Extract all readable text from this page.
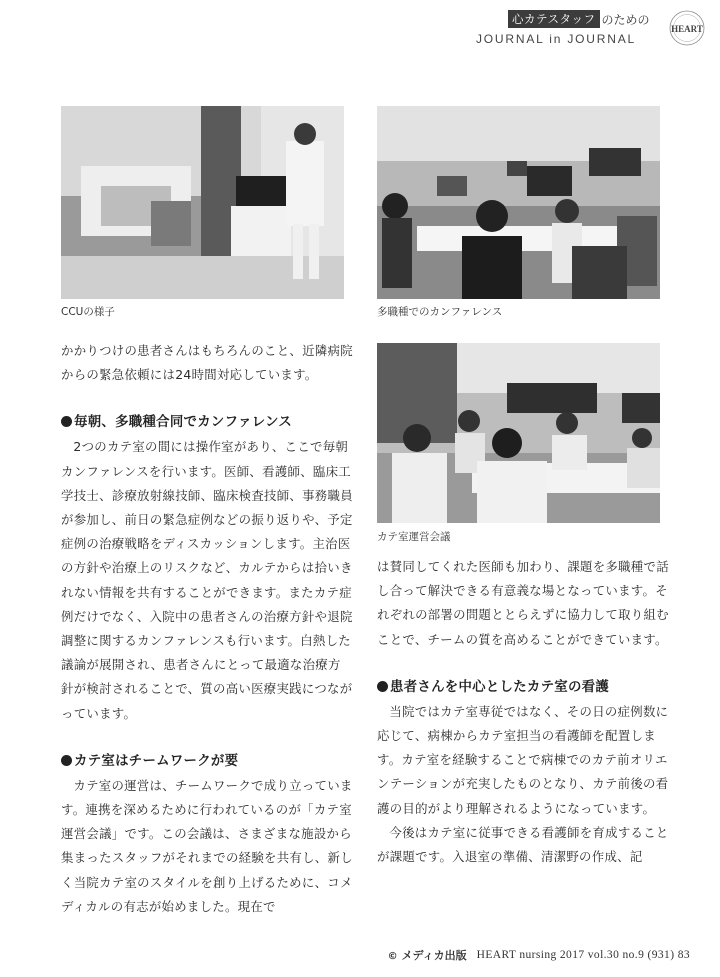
心カテスタッフ のための
JOURNAL in JOURNAL
HEART
CCUの様子	多職種でのカンファレンス
カテ室運営会議

かかりつけの患者さんはもちろんのこと、近隣病院からの緊急依頼には24時間対応しています。

毎朝、多職種合同でカンファレンス

2つのカテ室の間には操作室があり、ここで毎朝カンファレンスを行います。医師、看護師、臨床工学技士、診療放射線技師、臨床検査技師、事務職員が参加し、前日の緊急症例などの振り返りや、予定症例の治療戦略をディスカッションします。主治医の方針や治療上のリスクなど、カルテからは拾いきれない情報を共有することができます。またカテ症例だけでなく、入院中の患者さんの治療方針や退院調整に関するカンファレンスも行います。白熱した議論が展開され、患者さんにとって最適な治療方針が検討されることで、質の高い医療実践につながっています。

カテ室はチームワークが要

カテ室の運営は、チームワークで成り立っています。連携を深めるために行われているのが「カテ室運営会議」です。この会議は、さまざまな施設から集まったスタッフがそれまでの経験を共有し、新しく当院カテ室のスタイルを創り上げるために、コメディカルの有志が始めました。現在で

は賛同してくれた医師も加わり、課題を多職種で話し合って解決できる有意義な場となっています。それぞれの部署の問題ととらえずに協力して取り組むことで、チームの質を高めることができています。

患者さんを中心としたカテ室の看護

当院ではカテ室専従ではなく、その日の症例数に応じて、病棟からカテ室担当の看護師を配置します。カテ室を経験することで病棟でのカテ前オリエンテーションが充実したものとなり、カテ前後の看護の目的がより理解されるようになっています。

今後はカテ室に従事できる看護師を育成することが課題です。入退室の準備、清潔野の作成、記

© メディカ出版 HEART nursing 2017 vol.30 no.9 (931) 83
